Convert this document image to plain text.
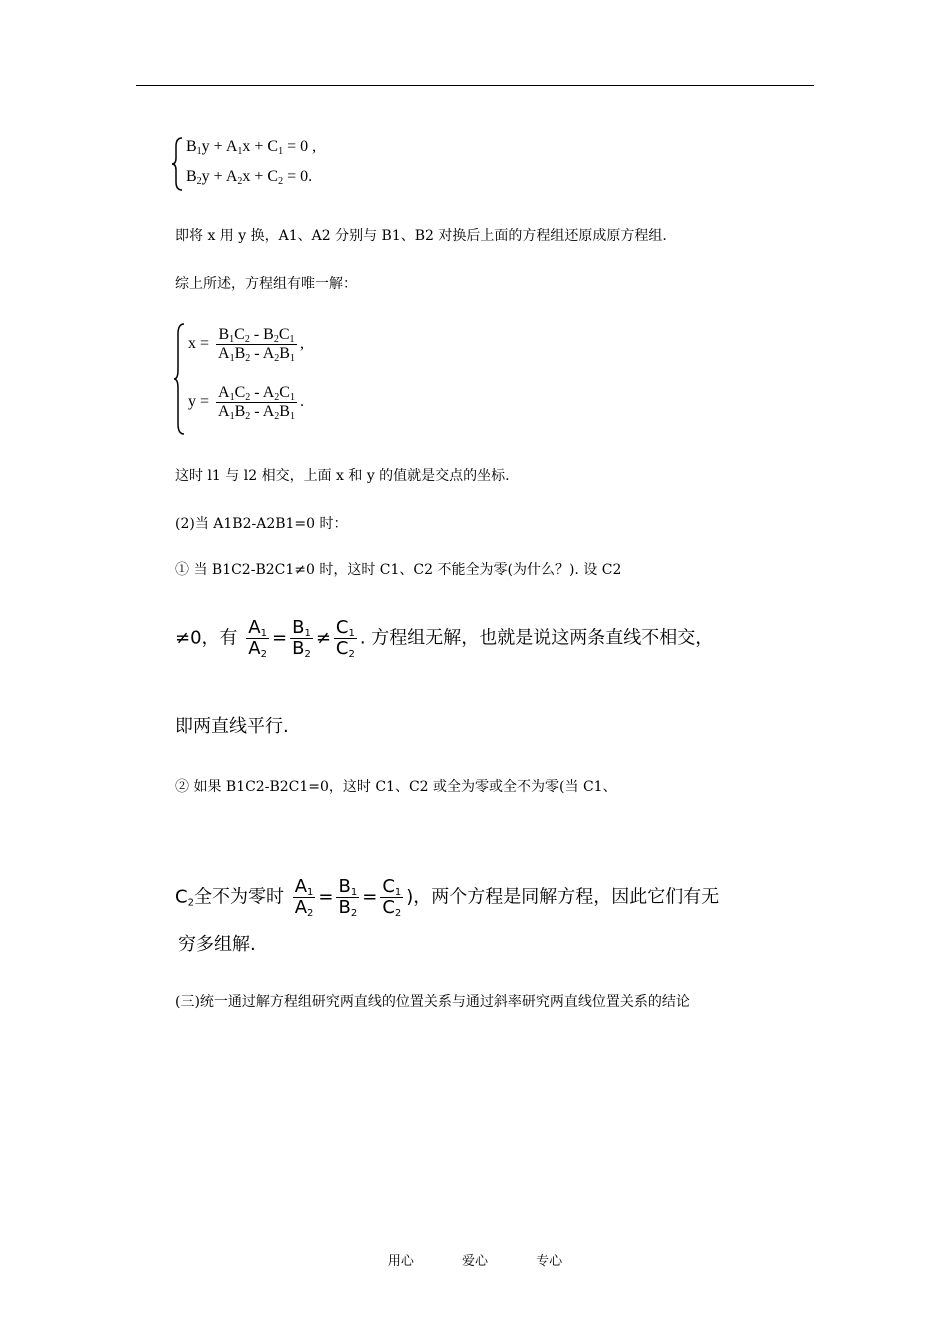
$B_1y + A_1x + C_1 = 0$ ,
$B_2y + A_2x + C_2 = 0$.
即将 x 用 y 换，A1、A2 分别与 B1、B2 对换后上面的方程组还原成原方程组.
综上所述，方程组有唯一解：
$x = \frac{B_1C_2 - B_2C_1}{A_1B_2 - A_2B_1}$ ,
$y = \frac{A_1C_2 - A_2C_1}{A_1B_2 - A_2B_1}$ .
这时 l1 与 l2 相交，上面 x 和 y 的值就是交点的坐标.
(2)当 A1B2-A2B1=0 时：
① 当 B1C2-B2C1≠0 时，这时 C1、C2 不能全为零(为什么？). 设 C2
≠0，有 $\frac{A_1}{A_2} = \frac{B_1}{B_2} \ne \frac{C_1}{C_2}$ . 方程组无解，也就是说这两条直线不相交，
即两直线平行.
② 如果 B1C2-B2C1=0，这时 C1、C2 或全为零或全不为零(当 C1、
$C_2$全不为零时 $\frac{A_1}{A_2} = \frac{B_1}{B_2} = \frac{C_1}{C_2}$ )，两个方程是同解方程，因此它们有无
穷多组解.
(三)统一通过解方程组研究两直线的位置关系与通过斜率研究两直线位置关系的结论
用心	爱心	专心
